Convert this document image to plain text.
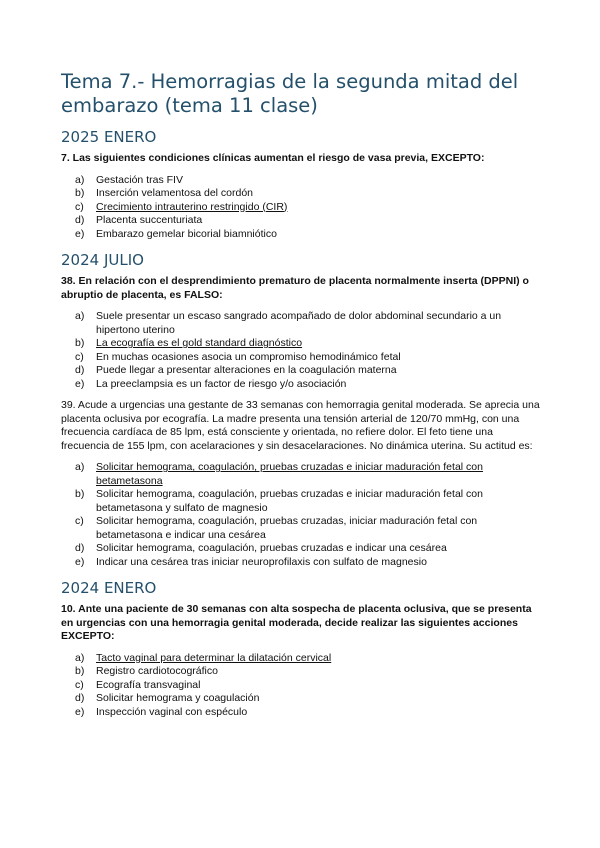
Tema 7.- Hemorragias de la segunda mitad del embarazo (tema 11 clase)
2025 ENERO

7. Las siguientes condiciones clínicas aumentan el riesgo de vasa previa, EXCEPTO:

a)	Gestación tras FIV
b)	Inserción velamentosa del cordón
c)	Crecimiento intrauterino restringido (CIR)
d)	Placenta succenturiata
e)	Embarazo gemelar bicorial biamniótico
2024 JULIO

38. En relación con el desprendimiento prematuro de placenta normalmente inserta (DPPNI) o abruptio de placenta, es FALSO:

a)	Suele presentar un escaso sangrado acompañado de dolor abdominal secundario a un hipertono uterino
b)	La ecografía es el gold standard diagnóstico
c)	En muchas ocasiones asocia un compromiso hemodinámico fetal
d)	Puede llegar a presentar alteraciones en la coagulación materna
e)	La preeclampsia es un factor de riesgo y/o asociación

39. Acude a urgencias una gestante de 33 semanas con hemorragia genital moderada. Se aprecia una placenta oclusiva por ecografía. La madre presenta una tensión arterial de 120/70 mmHg, con una frecuencia cardíaca de 85 lpm, está consciente y orientada, no refiere dolor. El feto tiene una frecuencia de 155 lpm, con acelaraciones y sin desacelaraciones. No dinámica uterina. Su actitud es:

a)	Solicitar hemograma, coagulación, pruebas cruzadas e iniciar maduración fetal con betametasona
b)	Solicitar hemograma, coagulación, pruebas cruzadas e iniciar maduración fetal con betametasona y sulfato de magnesio
c)	Solicitar hemograma, coagulación, pruebas cruzadas, iniciar maduración fetal con betametasona e indicar una cesárea
d)	Solicitar hemograma, coagulación, pruebas cruzadas e indicar una cesárea
e)	Indicar una cesárea tras iniciar neuroprofilaxis con sulfato de magnesio
2024 ENERO

10. Ante una paciente de 30 semanas con alta sospecha de placenta oclusiva, que se presenta en urgencias con una hemorragia genital moderada, decide realizar las siguientes acciones EXCEPTO:

a)	Tacto vaginal para determinar la dilatación cervical
b)	Registro cardiotocográfico
c)	Ecografía transvaginal
d)	Solicitar hemograma y coagulación
e)	Inspección vaginal con espéculo
